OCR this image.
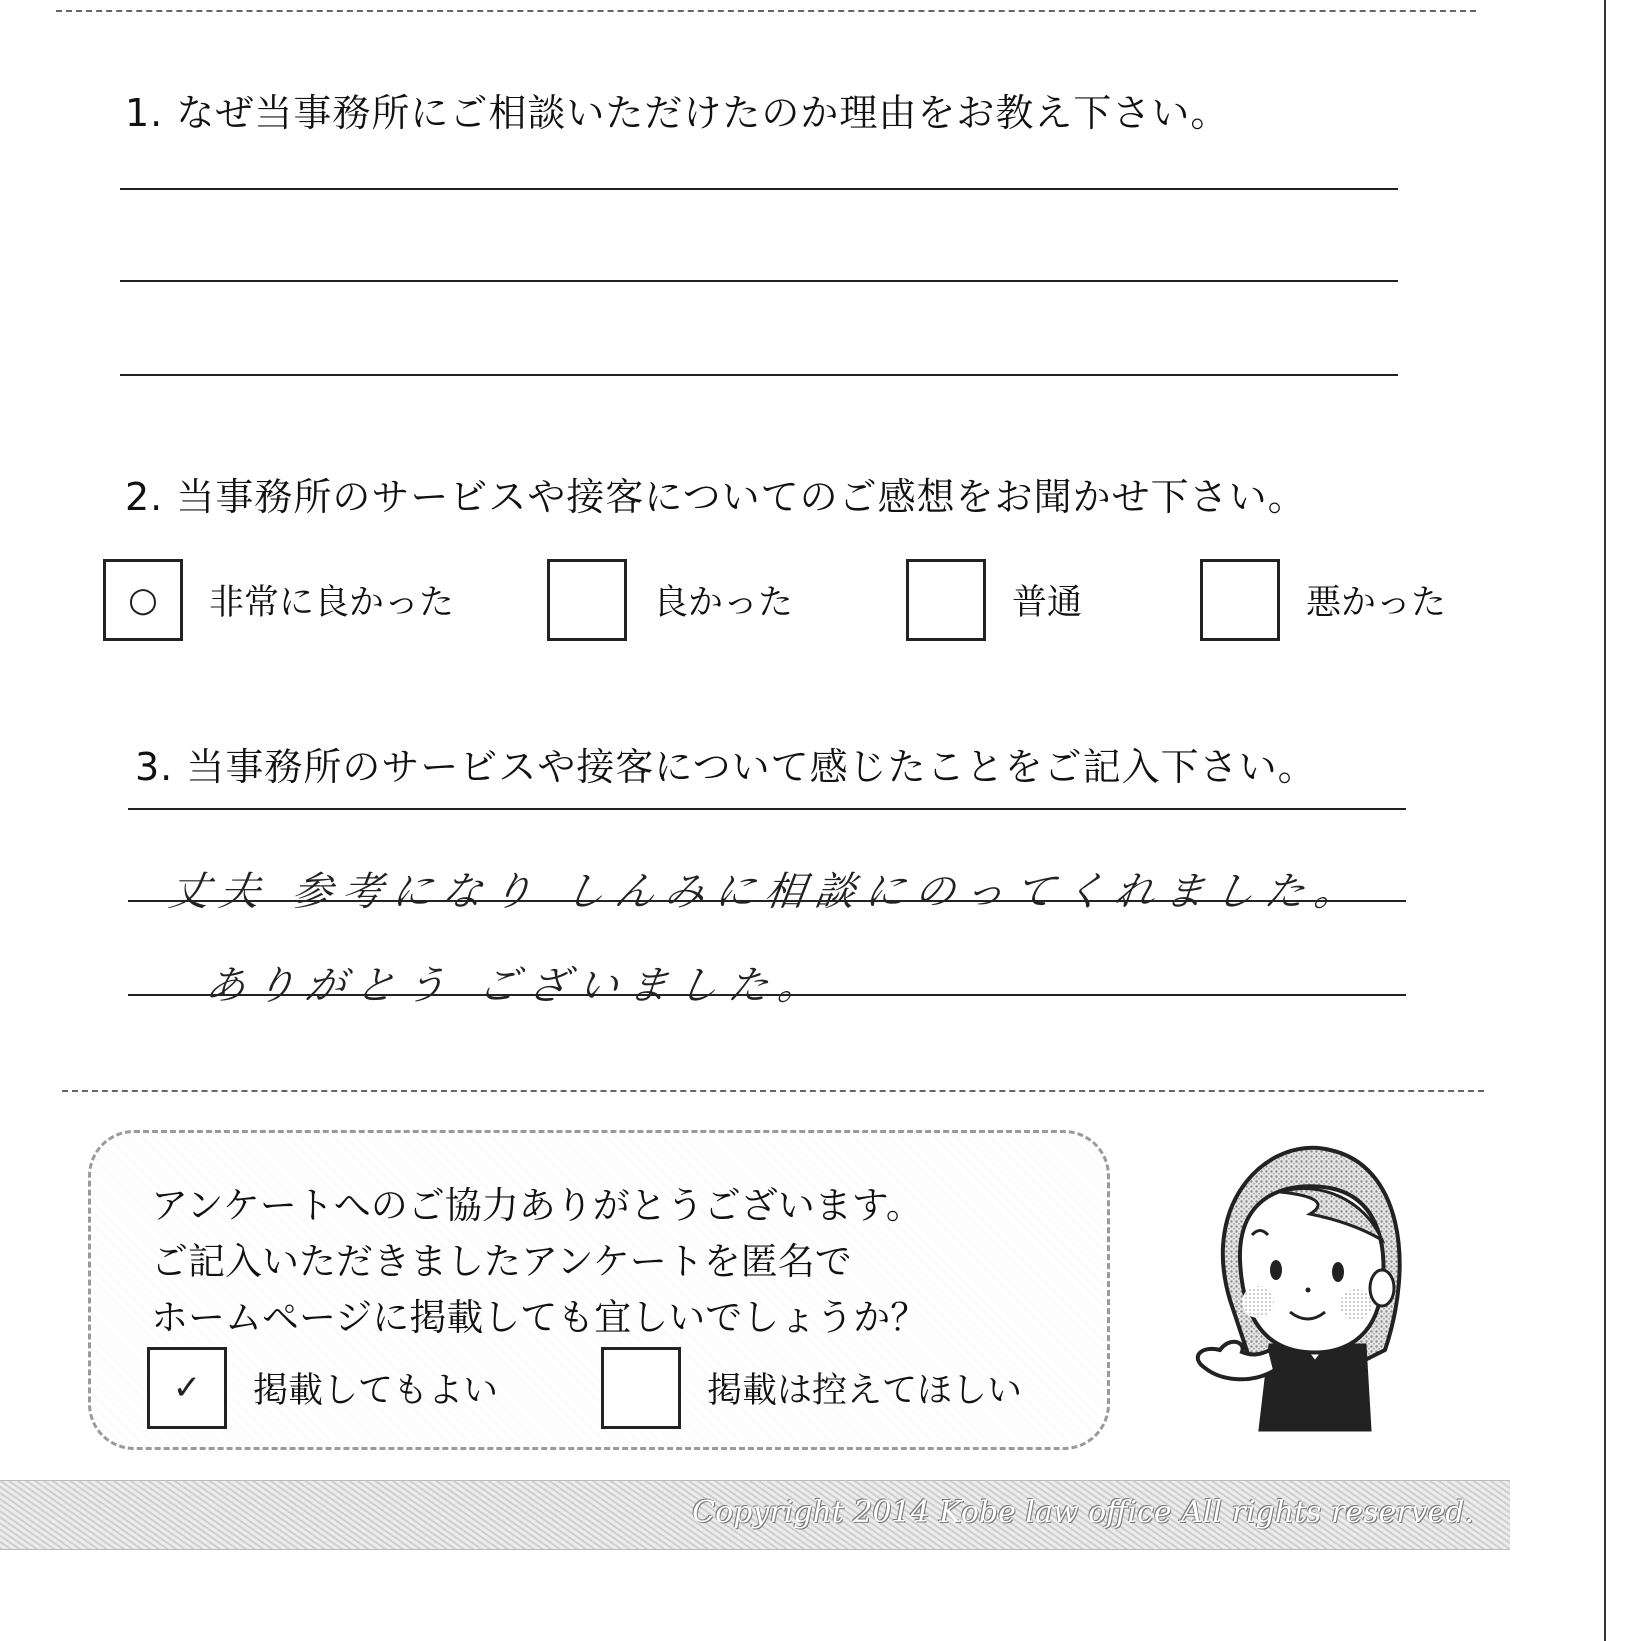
1. なぜ当事務所にご相談いただけたのか理由をお教え下さい。
2. 当事務所のサービスや接客についてのご感想をお聞かせ下さい。
○	非常に良かった	良かった	普通	悪かった
3. 当事務所のサービスや接客について感じたことをご記入下さい。
丈夫 参考になり しんみに相談にのってくれました。
ありがとう ございました。
アンケートへのご協力ありがとうございます。
ご記入いただきましたアンケートを匿名で
ホームページに掲載しても宜しいでしょうか？
✓	掲載してもよい	掲載は控えてほしい
Copyright 2014 Kobe law office All rights reserved.
